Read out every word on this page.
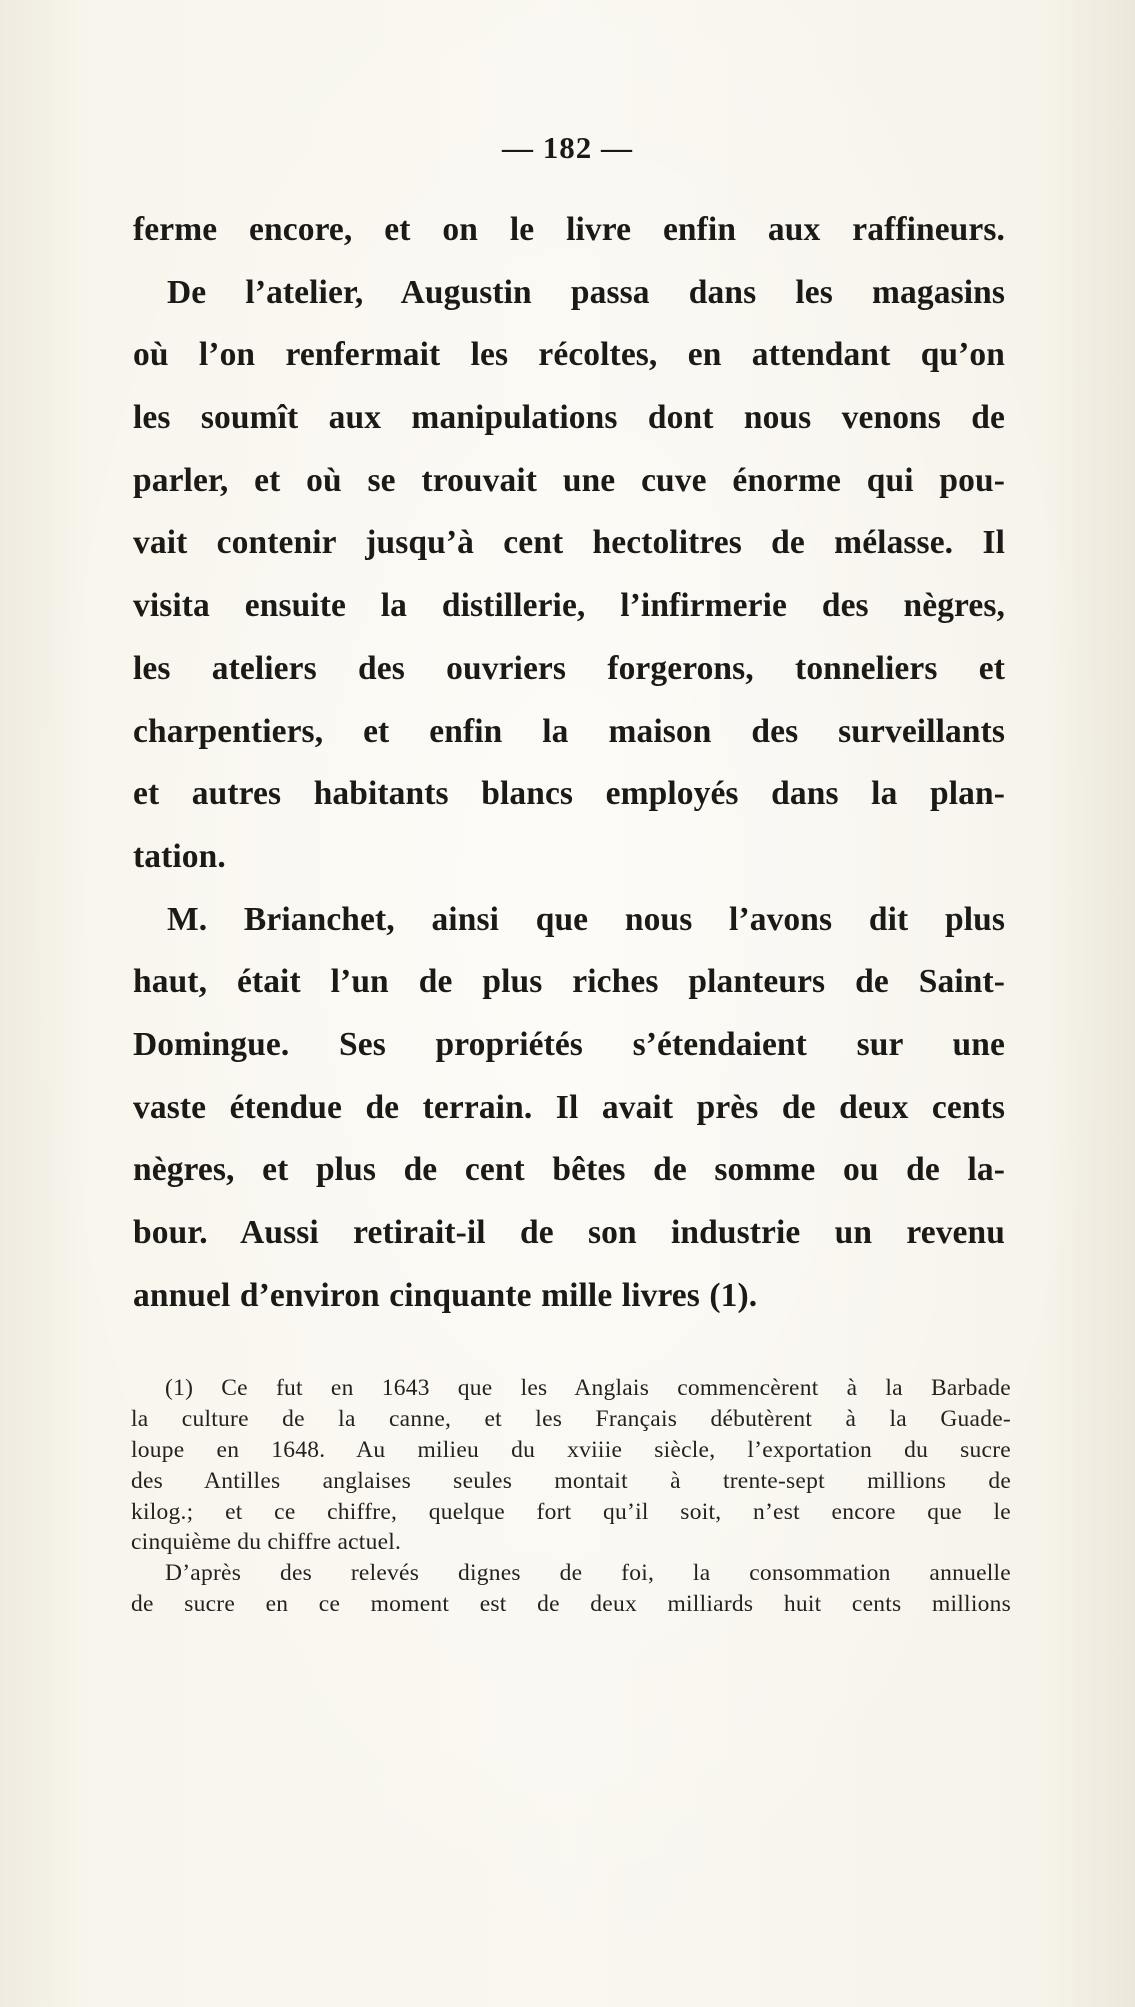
— 182 —
ferme encore, et on le livre enfin aux raffineurs.
De l’atelier, Augustin passa dans les magasins
où l’on renfermait les récoltes, en attendant qu’on
les soumît aux manipulations dont nous venons de
parler, et où se trouvait une cuve énorme qui pou-
vait contenir jusqu’à cent hectolitres de mélasse. Il
visita ensuite la distillerie, l’infirmerie des nègres,
les ateliers des ouvriers forgerons, tonneliers et
charpentiers, et enfin la maison des surveillants
et autres habitants blancs employés dans la plan-
tation.
M. Brianchet, ainsi que nous l’avons dit plus
haut, était l’un de plus riches planteurs de Saint-
Domingue. Ses propriétés s’étendaient sur une
vaste étendue de terrain. Il avait près de deux cents
nègres, et plus de cent bêtes de somme ou de la-
bour. Aussi retirait-il de son industrie un revenu
annuel d’environ cinquante mille livres (1).
(1) Ce fut en 1643 que les Anglais commencèrent à la Barbade
la culture de la canne, et les Français débutèrent à la Guade-
loupe en 1648. Au milieu du xviiie siècle, l’exportation du sucre
des Antilles anglaises seules montait à trente-sept millions de
kilog.; et ce chiffre, quelque fort qu’il soit, n’est encore que le
cinquième du chiffre actuel.
D’après des relevés dignes de foi, la consommation annuelle
de sucre en ce moment est de deux milliards huit cents millions
